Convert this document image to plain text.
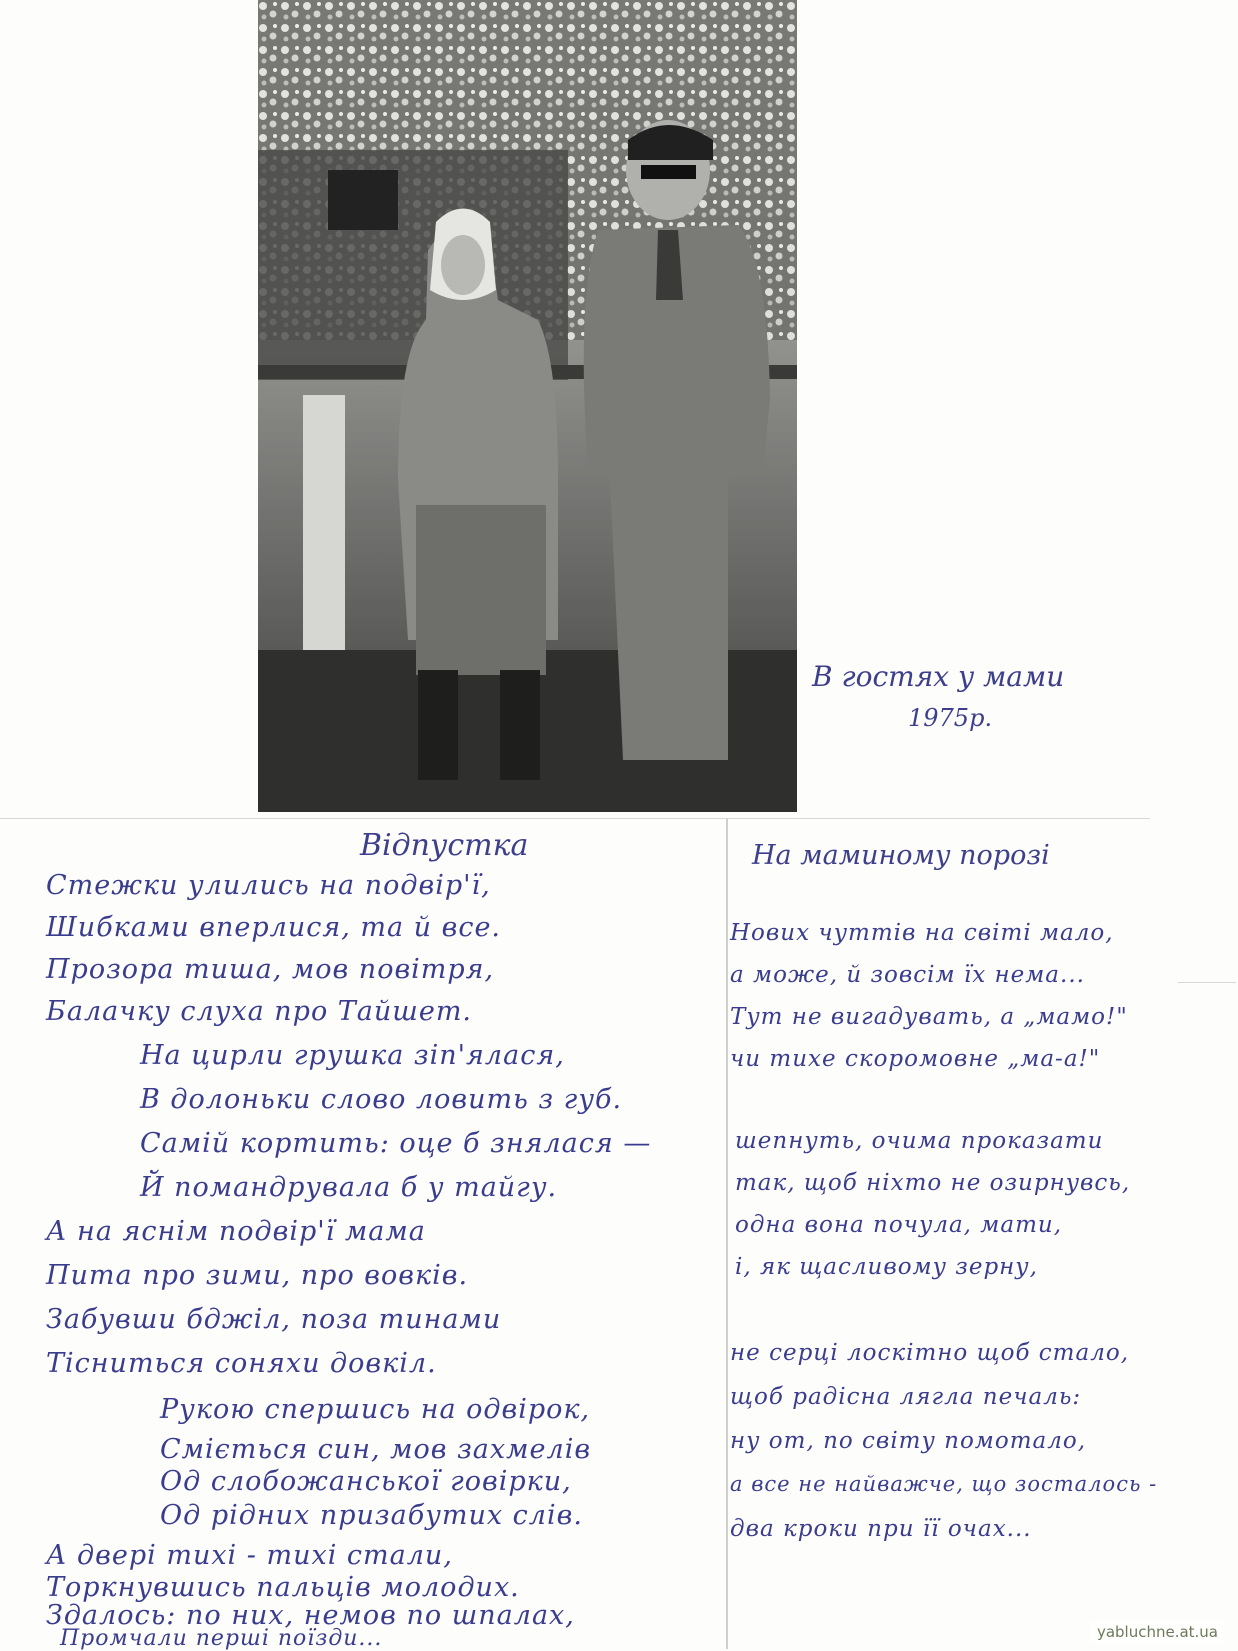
В гостях у мами
1975р.
Відпустка
Стежки улились на подвір'ї,
Шибками вперлися, та й все.
Прозора тиша, мов повітря,
Балачку слуха про Тайшет.
На цирли грушка зіп'ялася,
В долоньки слово ловить з губ.
Самій кортить: оце б знялася —
Й помандрувала б у тайгу.
А на яснім подвір'ї мама
Пита про зими, про вовків.
Забувши бджіл, поза тинами
Тісниться соняхи довкіл.
Рукою спершись на одвірок,
Сміється син, мов захмелів
Од слобожанської говірки,
Од рідних призабутих слів.
А двері тихі - тихі стали,
Торкнувшись пальців молодих.
Здалось: по них, немов по шпалах,
Промчали перші поїзди...
На маминому порозі
Нових чуттів на світі мало,
а може, й зовсім їх нема...
Тут не вигадувать, а „мамо!"
чи тихе скоромовне „ма-а!"
шепнуть, очима проказати
так, щоб ніхто не озирнувсь,
одна вона почула, мати,
і, як щасливому зерну,
не серці лоскітно щоб стало,
щоб радісна лягла печаль:
ну от, по світу помотало,
а все не найважче, що зосталось -
два кроки при її очах...
yabluchne.at.ua
